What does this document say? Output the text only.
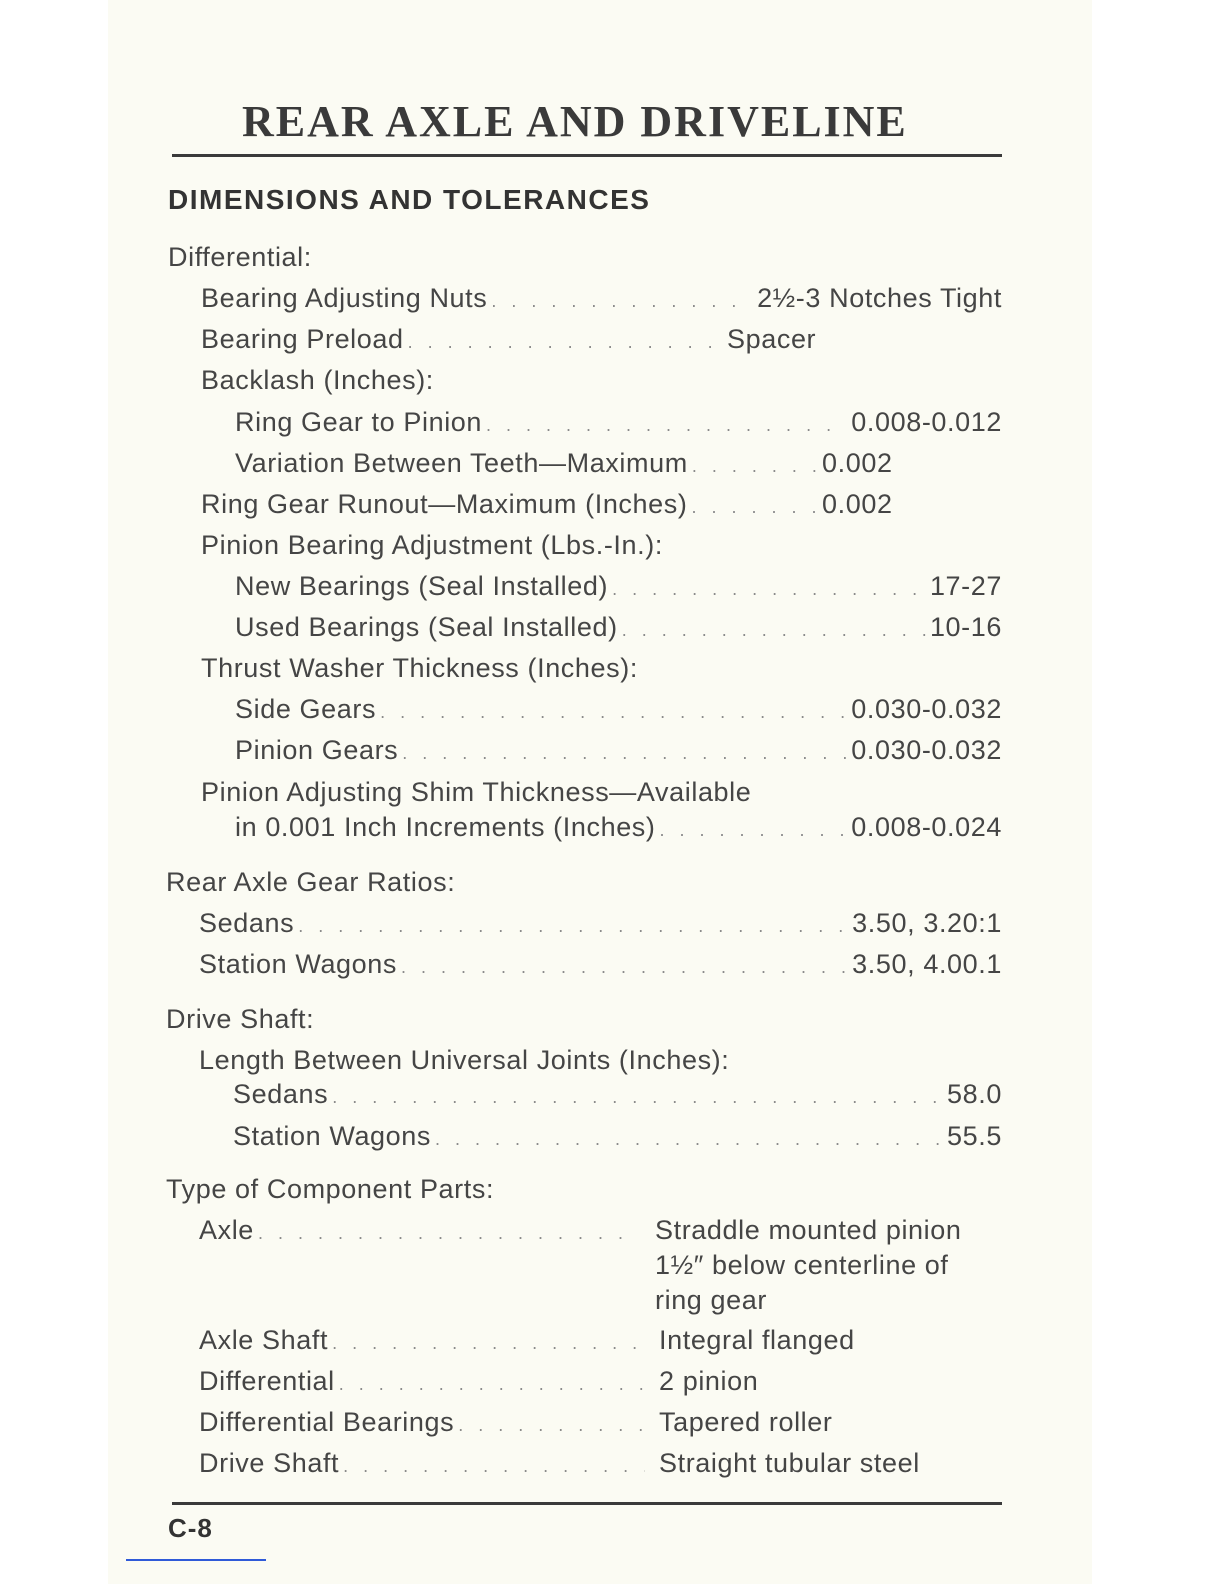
REAR AXLE AND DRIVELINE
DIMENSIONS AND TOLERANCES
Differential:
Bearing Adjusting Nuts . . .	2½-3 Notches Tight
Bearing Preload . . .	Spacer
Backlash (Inches):
Ring Gear to Pinion . . .	0.008-0.012
Variation Between Teeth—Maximum . . .	0.002
Ring Gear Runout—Maximum (Inches) . . .	0.002
Pinion Bearing Adjustment (Lbs.-In.):
New Bearings (Seal Installed) . . .	17-27
Used Bearings (Seal Installed) . . .	10-16
Thrust Washer Thickness (Inches):
Side Gears . . .	0.030-0.032
Pinion Gears . . .	0.030-0.032
Pinion Adjusting Shim Thickness—Available
in 0.001 Inch Increments (Inches) . . .	0.008-0.024
Rear Axle Gear Ratios:
Sedans . . .	3.50, 3.20:1
Station Wagons . . .	3.50, 4.00.1
Drive Shaft:
Length Between Universal Joints (Inches):
Sedans . . .	58.0
Station Wagons . . .	55.5
Type of Component Parts:
Axle . . .	Straddle mounted pinion
1½″ below centerline of
ring gear
Axle Shaft . . .	Integral flanged
Differential . . .	2 pinion
Differential Bearings . . .	Tapered roller
Drive Shaft . . .	Straight tubular steel
C-8
